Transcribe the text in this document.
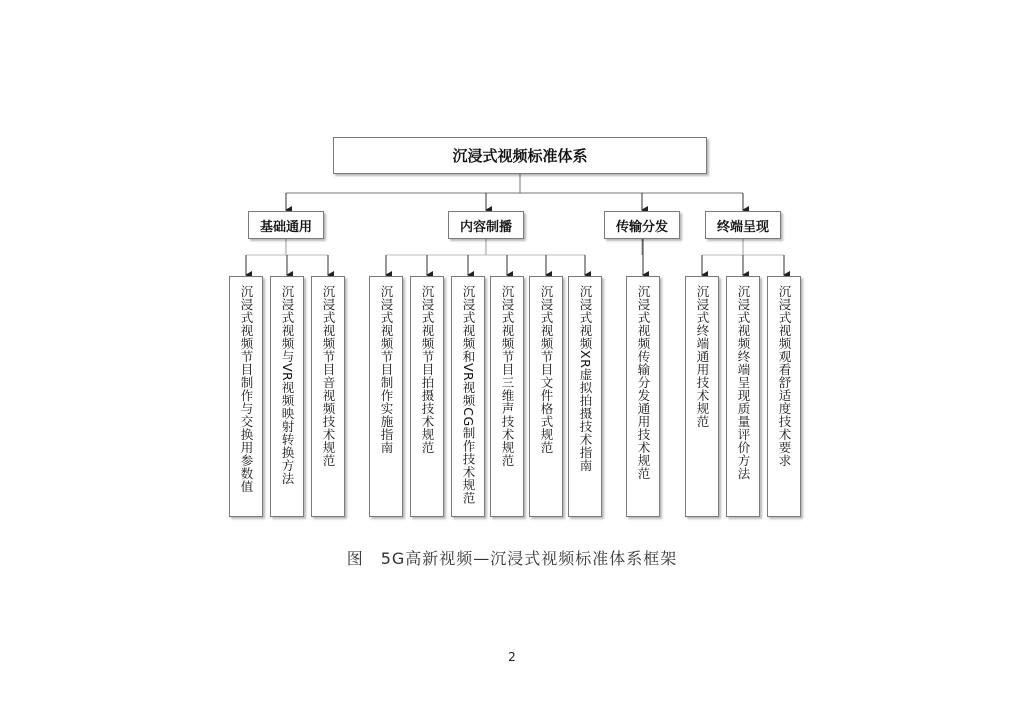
沉浸式视频标准体系
基础通用	内容制播	传输分发	终端呈现
沉浸式视频节目制作与交换用参数值 沉浸式视频与VR视频映射转换方法 沉浸式视频节目音视频技术规范	沉浸式视频节目制作实施指南 沉浸式视频节目拍摄技术规范 沉浸式视频和VR视频CG制作技术规范 沉浸式视频节目三维声技术规范 沉浸式视频节目文件格式规范 沉浸式视频XR虚拟拍摄技术指南	沉浸式视频传输分发通用技术规范	沉浸式终端通用技术规范 沉浸式视频终端呈现质量评价方法 沉浸式视频观看舒适度技术要求
图　5G高新视频—沉浸式视频标准体系框架
2
